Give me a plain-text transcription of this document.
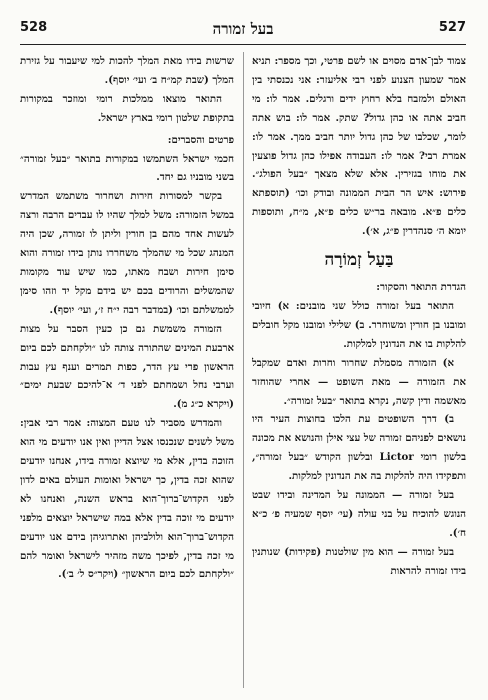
528	בעל זמורה	527

צמוד לבן־אדם מסוים או לשם פרטי, וכך מספר: תניא אמר שמעון הצנוע לפני רבי אליעזר: אני נכנסתי בין האולם ולמזבח בלא רחוץ ידים ורגלים. אמר לו: מי חביב אתה או כהן גדול? שתק. אמר לו: בוש אתה לומר, שכלבו של כהן גדול יותר חביב ממך. אמר לו: אמרת רבי? אמר לו: העבודה אפילו כהן גדול פוצעין את מוחו בגזירין. אלא שלא מצאך ״בעל הפולג״. פירוש: איש הר הבית הממונה ובודק וכו׳ (תוספתא כלים פ״א. מובאה בר״ש כלים פ״א, מ״ח, ותוספות יומא ה׳ סנהדרין פ״ג, א׳).

בַּעַל זְמוֹרָה

הגדרת התואר והסקור:

התואר בעל זמורה כולל שני מובנים: א) חיובי ומובנו בן חורין ומשוחרר. ב) שלילי ומובנו מקל חובלים להלקות בו את הנדונין למלקות.

א) הזמורה מסמלת שחרור וחרות ואדם שמקבל את הזמורה — מאת השופט — אחרי שהוחזר מאשמה ודין קשה, נקרא בתואר ״בעל זמורה״.

ב) דרך השופטים עת הלכו בחוצות העיר היו נושאים לפניהם זמורה של עצי אילן והנושא את מכונה בלשון רומי Lictor ובלשון הקודש ״בעל זמורה״, ותפקידו היה להלקות בה את הנדונין למלקות.

בעל זמורה — הממונה על המדינה ובידו שבט הנוגש להוכיח על בני עולה (עי׳ יוסף שמעיה פ׳ כ״א ח׳).

בעל זמורה — הוא מין שולטנות (פקידות) שנותנין בידו זמורה להראות

שרשות בידו מאת המלך להכות למי שיעבור על גזירת המלך (שבת קמ״ח ב׳ ועי׳ יוסף).

התואר מוצאו ממלכות רומי ומוזכר במקורות בתקופת שלטון רומי בארץ ישראל.

פרטים והסברים:

חכמי ישראל השתמשו במקורות בתואר ״בעל זמורה״ בשני מובניו גם יחד.

בקשר למסורות חירות ושחרור משתמש המדרש במשל הזמורה: משל למלך שהיו לו עבדים הרבה ורצה לעשות אחד מהם בן חורין וליתן לו זמורה, שכן היה המנהג שכל מי שהמלך משחררו נותן בידו זמורה והוא סימן חירות ושבח מאתו, כמו שיש עוד מקומות שהמשלים והרודים בכם יש בידם מקל יד וזהו סימן לממשלתם וכו׳ (במדבר רבה י״ח ז׳, ועי׳ יוסף).

הזמורה משמשת גם כן כעין הסבר על מצות ארבעת המינים שהתורה צותה לנו ״ולקחתם לכם ביום הראשון פרי עץ הדר, כפות תמרים וענף עץ עבות וערבי נחל ושמחתם לפני ד׳ א־להיכם שבעת ימים״ (ויקרא כ״ג מ).

והמדרש מסביר לנו טעם המצוה: אמר רבי אבין: משל לשנים שנכנסו אצל הדיין ואין אנו יודעים מי הוא הזוכה בדין, אלא מי שיוצא זמורה בידו, אנחנו יודעים שהוא זכה בדין, כך ישראל ואומות העולם באים לדון לפני הקדוש־ברוך־הוא בראש השנה, ואנחנו לא יודעים מי זוכה בדין אלא במה שישראל יוצאים מלפני הקדוש־ברוך־הוא ולולביהן ואתרוגיהן בידם אנו יודעים מי זכה בדין, לפיכך משה מזהיר לישראל ואומר להם ״ולקחתם לכם ביום הראשון״ (ויקר״ס ל׳ ב׳).
